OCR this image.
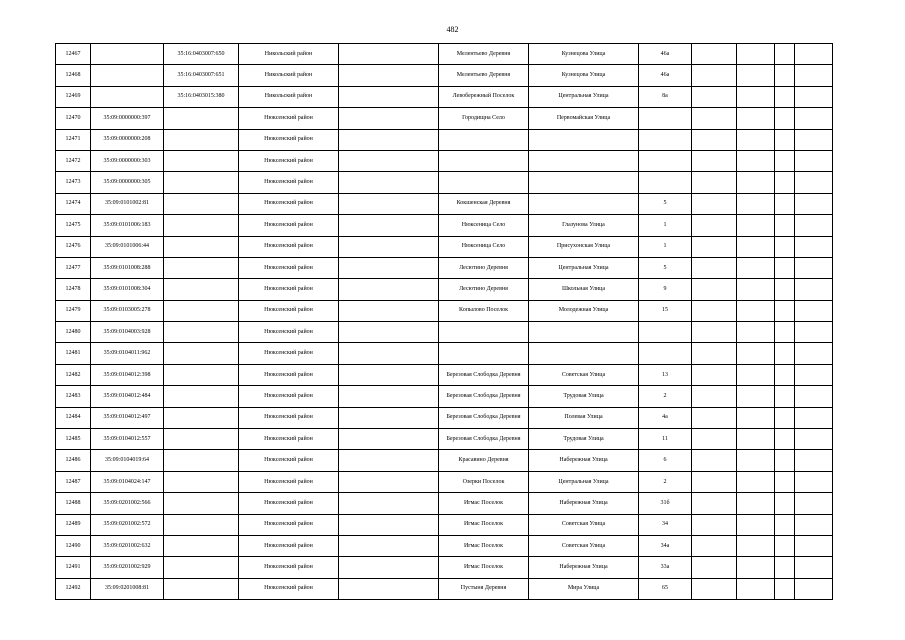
482
12467		35:16:0403007:650	Никольский район		Мелентьево Деревня	Кузнецова Улица	46а				
12468		35:16:0403007:651	Никольский район		Мелентьево Деревня	Кузнецова Улица	46а				
12469		35:16:0403015:380	Никольский район		Левобережный Поселок	Центральная Улица	8а				
12470	35:09:0000000:397		Нюксенский район		Городищна Село	Первомайская Улица					
12471	35:09:0000000:208		Нюксенский район								
12472	35:09:0000000:303		Нюксенский район								
12473	35:09:0000000:305		Нюксенский район								
12474	35:09:0101002:81		Нюксенский район		Кокшенская Деревня		5				
12475	35:09:0101006:183		Нюксенский район		Нюксеница Село	Глазунова Улица	1				
12476	35:09:0101006:44		Нюксенский район		Нюксеница Село	Присухонская Улица	1				
12477	35:09:0101008:288		Нюксенский район		Лесютино Деревня	Центральная Улица	5				
12478	35:09:0101008:304		Нюксенский район		Лесютино Деревня	Школьная Улица	9				
12479	35:09:0103005:278		Нюксенский район		Копылово Поселок	Молодежная Улица	15				
12480	35:09:0104003:928		Нюксенский район								
12481	35:09:0104011:962		Нюксенский район								
12482	35:09:0104012:398		Нюксенский район		Березовая Слободка Деревня	Советская Улица	13				
12483	35:09:0104012:484		Нюксенский район		Березовая Слободка Деревня	Трудовая Улица	2				
12484	35:09:0104012:497		Нюксенский район		Березовая Слободка Деревня	Полевая Улица	4а				
12485	35:09:0104012:557		Нюксенский район		Березовая Слободка Деревня	Трудовая Улица	11				
12486	35:09:0104019:64		Нюксенский район		Красавино Деревня	Набережная Улица	6				
12487	35:09:0104024:147		Нюксенский район		Озерки Поселок	Центральная Улица	2				
12488	35:09:0201002:566		Нюксенский район		Игмас Поселок	Набережная Улица	31б				
12489	35:09:0201002:572		Нюксенский район		Игмас Поселок	Советская Улица	34				
12490	35:09:0201002:632		Нюксенский район		Игмас Поселок	Советская Улица	34а				
12491	35:09:0201002:929		Нюксенский район		Игмас Поселок	Набережная Улица	33а				
12492	35:09:0201008:81		Нюксенский район		Пустыня Деревня	Мира Улица	65				
